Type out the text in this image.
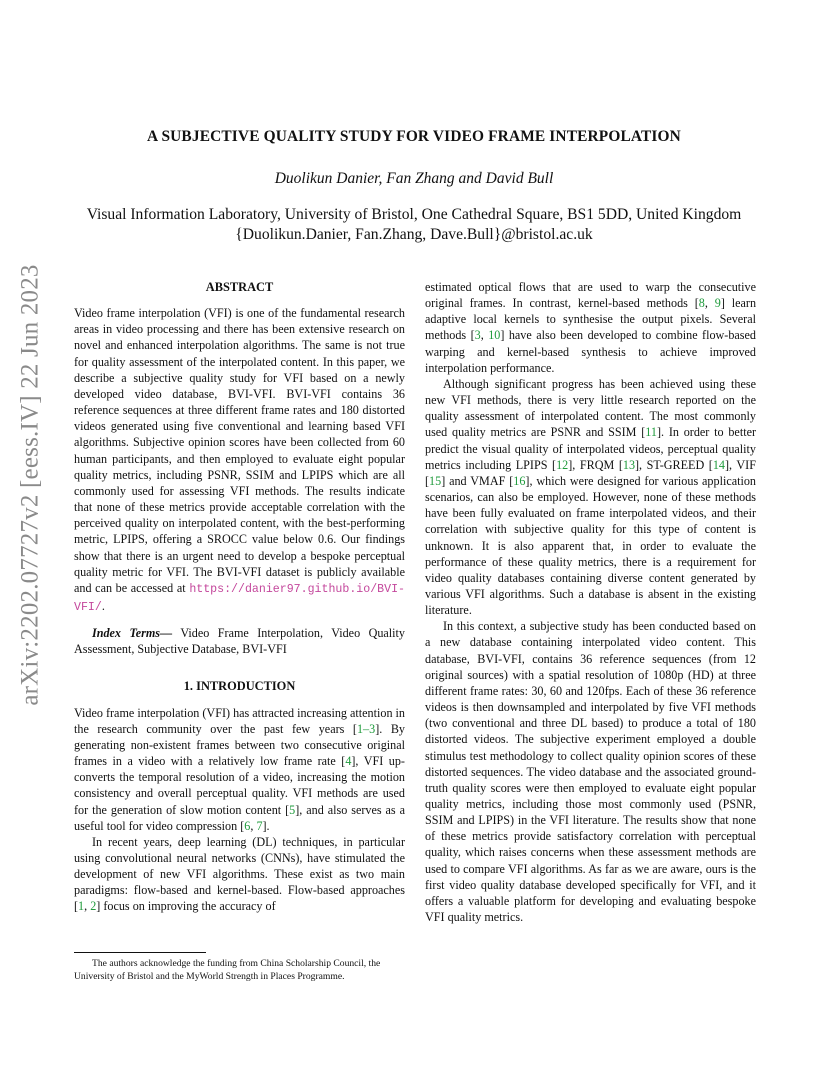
arXiv:2202.07727v2 [eess.IV] 22 Jun 2023
A SUBJECTIVE QUALITY STUDY FOR VIDEO FRAME INTERPOLATION
Duolikun Danier, Fan Zhang and David Bull
Visual Information Laboratory, University of Bristol, One Cathedral Square, BS1 5DD, United Kingdom
{Duolikun.Danier, Fan.Zhang, Dave.Bull}@bristol.ac.uk

ABSTRACT

Video frame interpolation (VFI) is one of the fundamental research areas in video processing and there has been extensive research on novel and enhanced interpolation algorithms. The same is not true for quality assessment of the interpolated content. In this paper, we describe a subjective quality study for VFI based on a newly developed video database, BVI-VFI. BVI-VFI contains 36 reference sequences at three different frame rates and 180 distorted videos generated using five conventional and learning based VFI algorithms. Subjective opinion scores have been collected from 60 human participants, and then employed to evaluate eight popular quality metrics, including PSNR, SSIM and LPIPS which are all commonly used for assessing VFI methods. The results indicate that none of these metrics provide acceptable correlation with the perceived quality on interpolated content, with the best-performing metric, LPIPS, offering a SROCC value below 0.6. Our findings show that there is an urgent need to develop a bespoke perceptual quality metric for VFI. The BVI-VFI dataset is publicly available and can be accessed at https://danier97.github.io/BVI-VFI/.

Index Terms— Video Frame Interpolation, Video Quality Assessment, Subjective Database, BVI-VFI

1. INTRODUCTION

Video frame interpolation (VFI) has attracted increasing attention in the research community over the past few years [1–3]. By generating non-existent frames between two consecutive original frames in a video with a relatively low frame rate [4], VFI up-converts the temporal resolution of a video, increasing the motion consistency and overall perceptual quality. VFI methods are used for the generation of slow motion content [5], and also serves as a useful tool for video compression [6, 7].

In recent years, deep learning (DL) techniques, in particular using convolutional neural networks (CNNs), have stimulated the development of new VFI algorithms. These exist as two main paradigms: flow-based and kernel-based. Flow-based approaches [1, 2] focus on improving the accuracy of

estimated optical flows that are used to warp the consecutive original frames. In contrast, kernel-based methods [8, 9] learn adaptive local kernels to synthesise the output pixels. Several methods [3, 10] have also been developed to combine flow-based warping and kernel-based synthesis to achieve improved interpolation performance.

Although significant progress has been achieved using these new VFI methods, there is very little research reported on the quality assessment of interpolated content. The most commonly used quality metrics are PSNR and SSIM [11]. In order to better predict the visual quality of interpolated videos, perceptual quality metrics including LPIPS [12], FRQM [13], ST-GREED [14], VIF [15] and VMAF [16], which were designed for various application scenarios, can also be employed. However, none of these methods have been fully evaluated on frame interpolated videos, and their correlation with subjective quality for this type of content is unknown. It is also apparent that, in order to evaluate the performance of these quality metrics, there is a requirement for video quality databases containing diverse content generated by various VFI algorithms. Such a database is absent in the existing literature.

In this context, a subjective study has been conducted based on a new database containing interpolated video content. This database, BVI-VFI, contains 36 reference sequences (from 12 original sources) with a spatial resolution of 1080p (HD) at three different frame rates: 30, 60 and 120fps. Each of these 36 reference videos is then downsampled and interpolated by five VFI methods (two conventional and three DL based) to produce a total of 180 distorted videos. The subjective experiment employed a double stimulus test methodology to collect quality opinion scores of these distorted sequences. The video database and the associated ground-truth quality scores were then employed to evaluate eight popular quality metrics, including those most commonly used (PSNR, SSIM and LPIPS) in the VFI literature. The results show that none of these metrics provide satisfactory correlation with perceptual quality, which raises concerns when these assessment methods are used to compare VFI algorithms. As far as we are aware, ours is the first video quality database developed specifically for VFI, and it offers a valuable platform for developing and evaluating bespoke VFI quality metrics.

The authors acknowledge the funding from China Scholarship Council, the University of Bristol and the MyWorld Strength in Places Programme.
